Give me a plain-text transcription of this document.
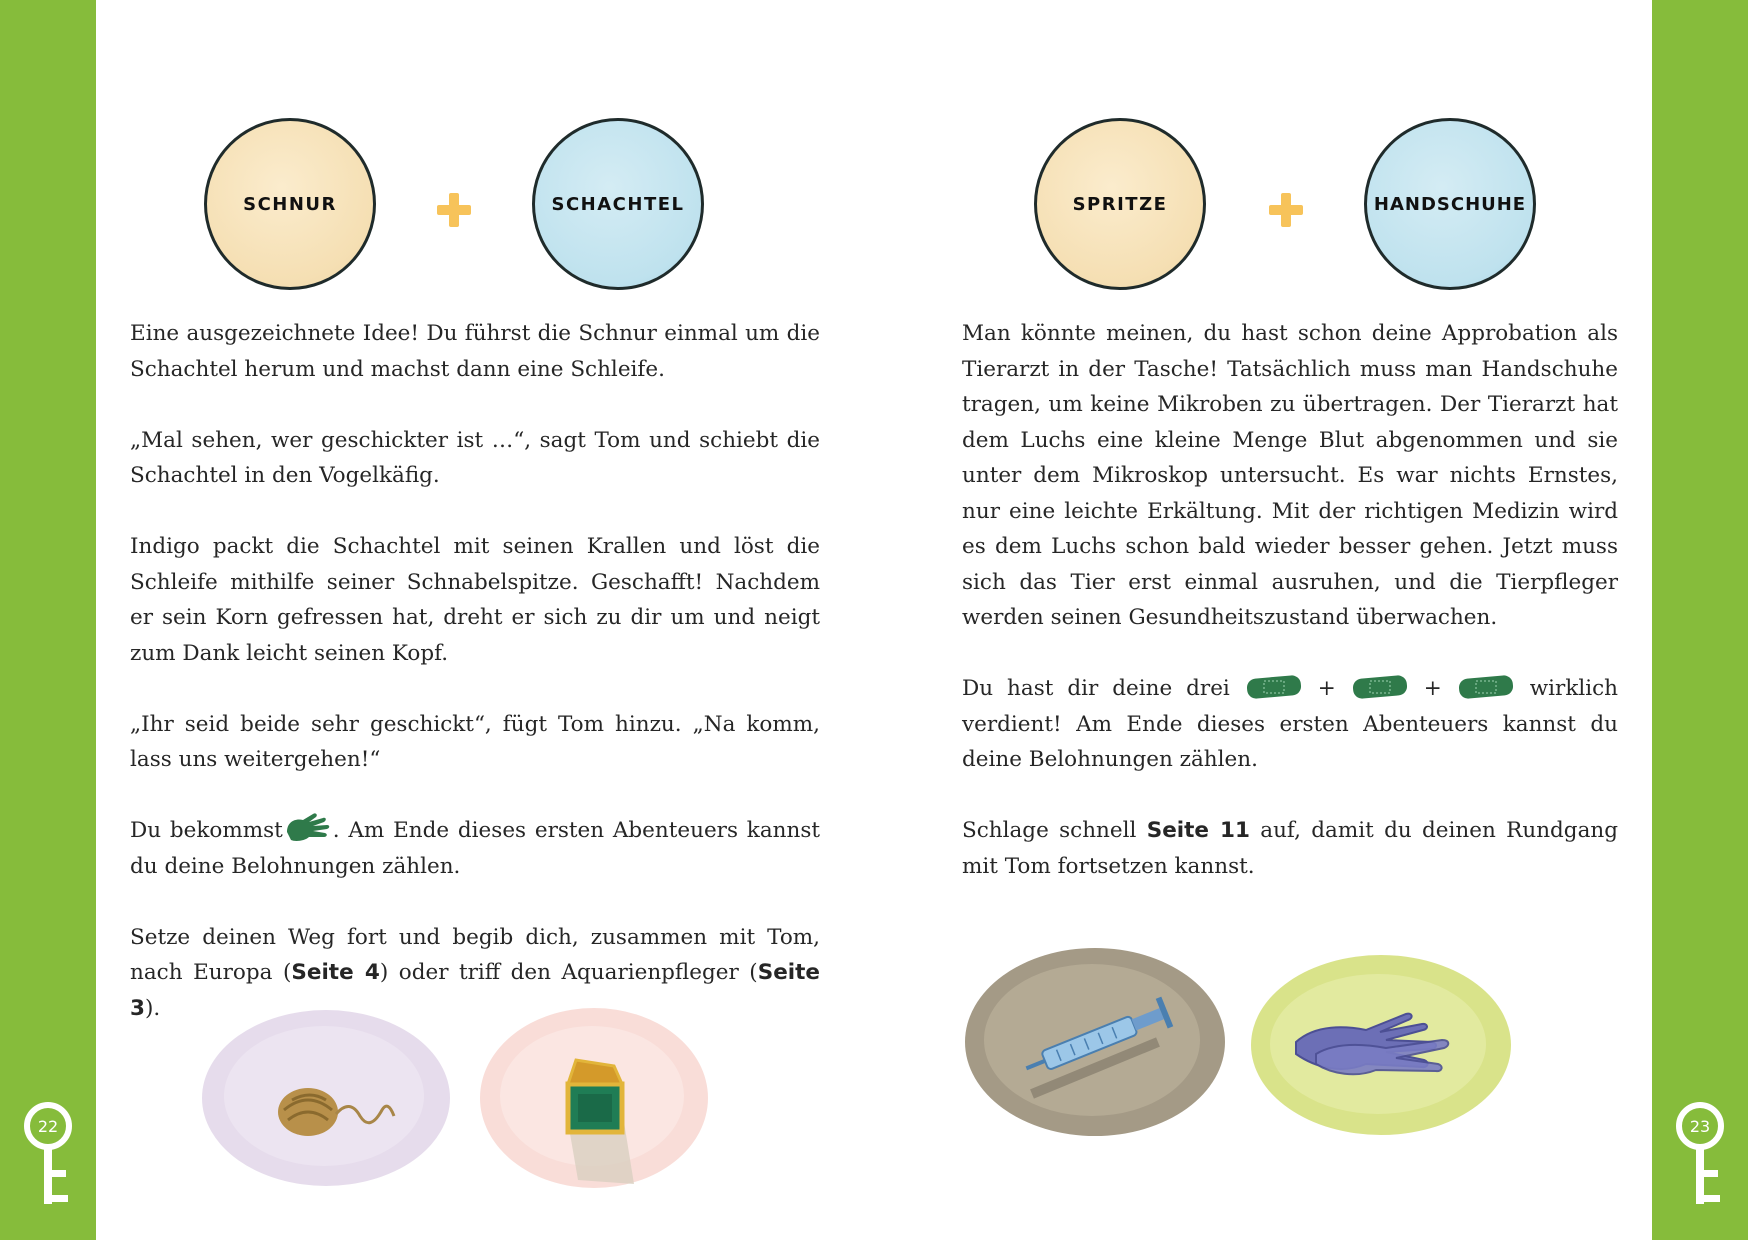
22	23
SCHNUR	SCHACHTEL

Eine ausgezeichnete Idee! Du führst die Schnur einmal um die Schachtel herum und machst dann eine Schleife.

„Mal sehen, wer geschickter ist …“, sagt Tom und schiebt die Schachtel in den Vogelkäfig.

Indigo packt die Schachtel mit seinen Krallen und löst die Schleife mithilfe seiner Schnabelspitze. Geschafft! Nachdem er sein Korn gefressen hat, dreht er sich zu dir um und neigt zum Dank leicht seinen Kopf.

„Ihr seid beide sehr geschickt“, fügt Tom hinzu. „Na komm, lass uns weitergehen!“

Du bekommst . Am Ende dieses ersten Abenteuers kannst du deine Belohnungen zählen.

Setze deinen Weg fort und begib dich, zusammen mit Tom, nach Europa (Seite 4) oder triff den Aquarienpfleger (Seite 3).

SPRITZE	HANDSCHUHE

Man könnte meinen, du hast schon deine Approbation als Tierarzt in der Tasche! Tatsächlich muss man Handschuhe tragen, um keine Mikroben zu übertragen. Der Tierarzt hat dem Luchs eine kleine Menge Blut abgenommen und sie unter dem Mikroskop untersucht. Es war nichts Ernstes, nur eine leichte Erkältung. Mit der richtigen Medizin wird es dem Luchs schon bald wieder besser gehen. Jetzt muss sich das Tier erst einmal ausruhen, und die Tierpfleger werden seinen Gesundheitszustand überwachen.

Du hast dir deine drei	+	+	wirklich verdient! Am Ende dieses ersten Abenteuers kannst du deine Belohnungen zählen.

Schlage schnell Seite 11 auf, damit du deinen Rundgang mit Tom fortsetzen kannst.
